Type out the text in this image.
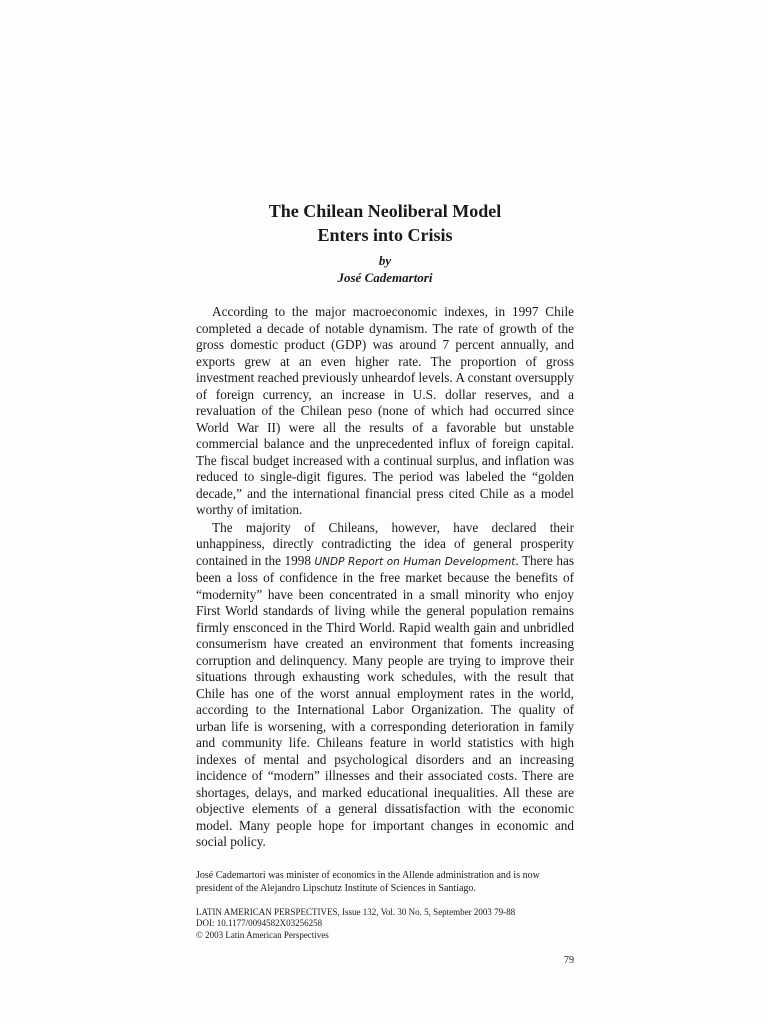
The Chilean Neoliberal Model
Enters into Crisis
by
José Cademartori

According to the major macroeconomic indexes, in 1997 Chile completed a decade of notable dynamism. The rate of growth of the gross domestic product (GDP) was around 7 percent annually, and exports grew at an even higher rate. The proportion of gross investment reached previously unheardof levels. A constant oversupply of foreign currency, an increase in U.S. dollar reserves, and a revaluation of the Chilean peso (none of which had occurred since World War II) were all the results of a favorable but unstable commercial balance and the unprecedented influx of foreign capital. The fiscal budget increased with a continual surplus, and inflation was reduced to single-digit figures. The period was labeled the “golden decade,” and the international financial press cited Chile as a model worthy of imitation.

The majority of Chileans, however, have declared their unhappiness, directly contradicting the idea of general prosperity contained in the 1998 UNDP Report on Human Development. There has been a loss of confidence in the free market because the benefits of “modernity” have been concentrated in a small minority who enjoy First World standards of living while the general population remains firmly ensconced in the Third World. Rapid wealth gain and unbridled consumerism have created an environment that foments increasing corruption and delinquency. Many people are trying to improve their situations through exhausting work schedules, with the result that Chile has one of the worst annual employment rates in the world, according to the International Labor Organization. The quality of urban life is worsening, with a corresponding deterioration in family and community life. Chileans feature in world statistics with high indexes of mental and psychological disorders and an increasing incidence of “modern” illnesses and their associated costs. There are shortages, delays, and marked educational inequalities. All these are objective elements of a general dissatisfaction with the economic model. Many people hope for important changes in economic and social policy.

José Cademartori was minister of economics in the Allende administration and is now president of the Alejandro Lipschutz Institute of Sciences in Santiago.

LATIN AMERICAN PERSPECTIVES, Issue 132, Vol. 30 No. 5, September 2003 79-88
DOI: 10.1177/0094582X03256258
© 2003 Latin American Perspectives
79
